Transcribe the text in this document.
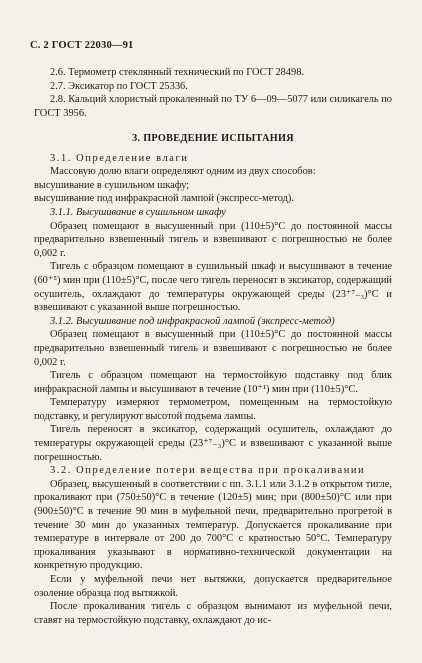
C. 2 ГОСТ 22030—91

2.6. Термометр стеклянный технический по ГОСТ 28498.

2.7. Эксикатор по ГОСТ 25336.

2.8. Кальций хлористый прокаленный по ТУ 6—09—5077 или силикагель по ГОСТ 3956.

3. ПРОВЕДЕНИЕ ИСПЫТАНИЯ

3.1. Определение влаги

Массовую долю влаги определяют одним из двух способов:

высушивание в сушильном шкафу;

высушивание под инфракрасной лампой (экспресс-метод).

3.1.1. Высушивание в сушильном шкафу

Образец помещают в высушенный при (110±5)°С до постоянной массы предварительно взвешенный тигель и взвешивают с погрешностью не более 0,002 г.

Тигель с образцом помещают в сушильный шкаф и высушивают в течение (60⁺⁵) мин при (110±5)°С, после чего тигель переносят в эксикатор, содержащий осушитель, охлаждают до температуры окружающей среды (23⁺⁷₋₃)°С и взвешивают с указанной выше погрешностью.

3.1.2. Высушивание под инфракрасной лампой (экспресс-метод)

Образец помещают в высушенный при (110±5)°С до постоянной массы предварительно взвешенный тигель и взвешивают с погрешностью не более 0,002 г.

Тигель с образцом помещают на термостойкую подставку под блик инфракрасной лампы и высушивают в течение (10⁺¹) мин при (110±5)°С.

Температуру измеряют термометром, помещенным на термостойкую подставку, и регулируют высотой подъема лампы.

Тигель переносят в эксикатор, содержащий осушитель, охлаждают до температуры окружающей среды (23⁺⁷₋₃)°С и взвешивают с указанной выше погрешностью.

3.2. Определение потери вещества при прокаливании

Образец, высушенный в соответствии с пп. 3.1.1 или 3.1.2 в открытом тигле, прокаливают при (750±50)°С в течение (120±5) мин; при (800±50)°С или при (900±50)°С в течение 90 мин в муфельной печи, предварительно прогретой в течение 30 мин до указанных температур. Допускается прокаливание при температуре в интервале от 200 до 700°С с кратностью 50°С. Температуру прокаливания указывают в нормативно-технической документации на конкретную продукцию.

Если у муфельной печи нет вытяжки, допускается предварительное озоление образца под вытяжкой.

После прокаливания тигель с образцом вынимают из муфельной печи, ставят на термостойкую подставку, охлаждают до ис-
